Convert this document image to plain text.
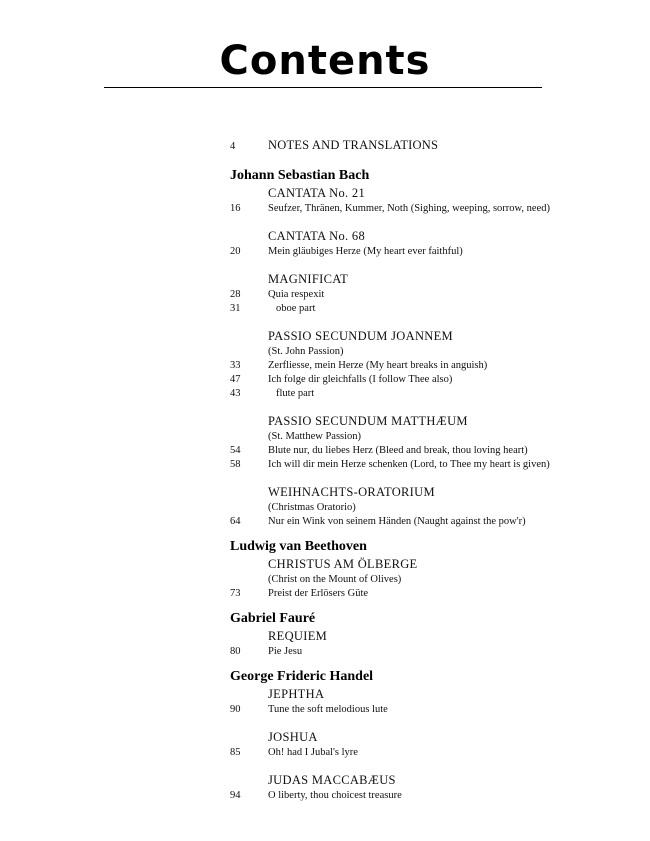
Contents
4	NOTES AND TRANSLATIONS
Johann Sebastian Bach
CANTATA No. 21
16	Seufzer, Thränen, Kummer, Noth (Sighing, weeping, sorrow, need)
CANTATA No. 68
20	Mein gläubiges Herze (My heart ever faithful)
MAGNIFICAT
28	Quia respexit
31	oboe part
PASSIO SECUNDUM JOANNEM
(St. John Passion)
33	Zerfliesse, mein Herze (My heart breaks in anguish)
47	Ich folge dir gleichfalls (I follow Thee also)
43	flute part
PASSIO SECUNDUM MATTHÆUM
(St. Matthew Passion)
54	Blute nur, du liebes Herz (Bleed and break, thou loving heart)
58	Ich will dir mein Herze schenken (Lord, to Thee my heart is given)
WEIHNACHTS-ORATORIUM
(Christmas Oratorio)
64	Nur ein Wink von seinem Händen (Naught against the pow'r)
Ludwig van Beethoven
CHRISTUS AM ÖLBERGE
(Christ on the Mount of Olives)
73	Preist der Erlösers Güte
Gabriel Fauré
REQUIEM
80	Pie Jesu
George Frideric Handel
JEPHTHA
90	Tune the soft melodious lute
JOSHUA
85	Oh! had I Jubal's lyre
JUDAS MACCABÆUS
94	O liberty, thou choicest treasure
